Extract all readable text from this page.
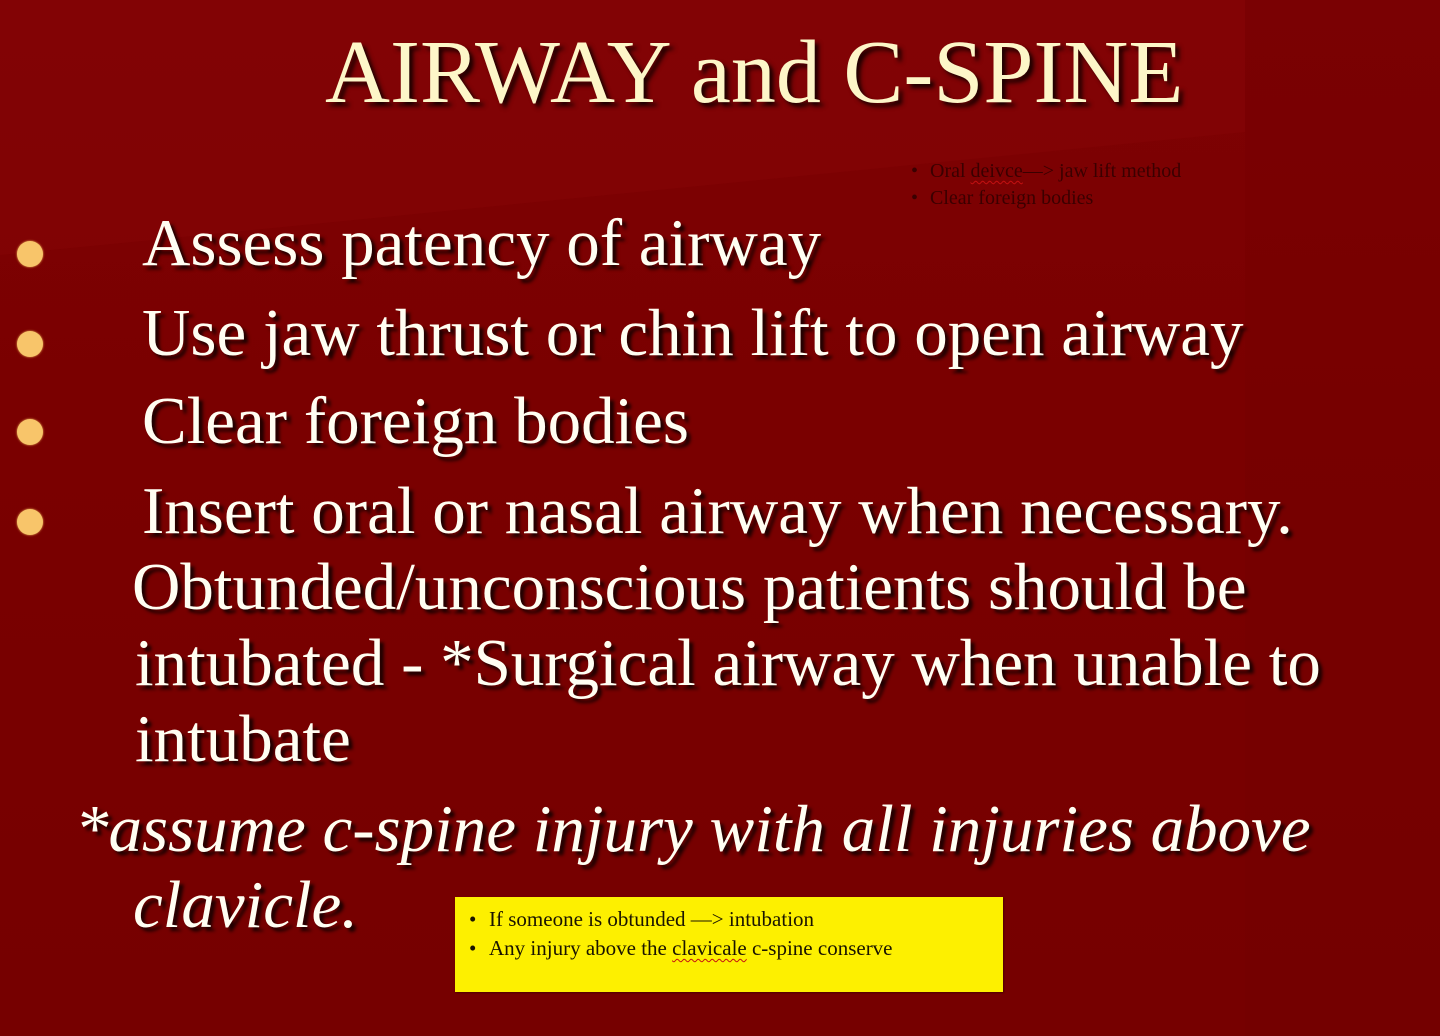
AIRWAY and C-SPINE
• Oral deivce—> jaw lift method
• Clear foreign bodies
Assess patency of airway
Use jaw thrust or chin lift to open airway
Clear foreign bodies
Insert oral or nasal airway when necessary.
Obtunded/unconscious patients should be
intubated - *Surgical airway when unable to
intubate
*assume c-spine injury with all injuries above
clavicle.	• If someone is obtunded —> intubation
• Any injury above the clavicale c-spine conserve
